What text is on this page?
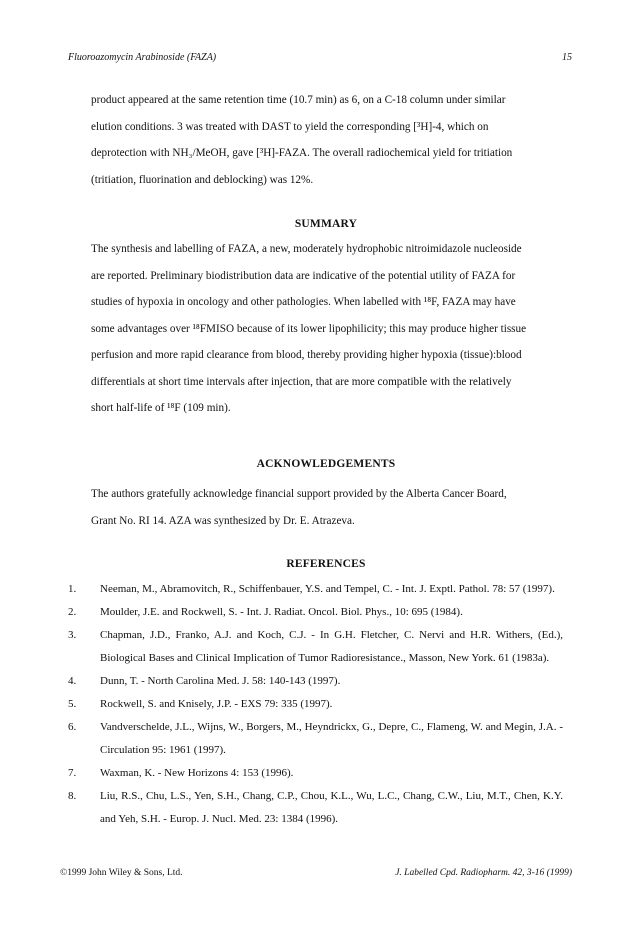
Fluoroazomycin Arabinoside (FAZA)	15

product appeared at the same retention time (10.7 min) as 6, on a C-18 column under similar

elution conditions. 3 was treated with DAST to yield the corresponding [³H]-4, which on

deprotection with NH₃/MeOH, gave [³H]-FAZA. The overall radiochemical yield for tritiation

(tritiation, fluorination and deblocking) was 12%.

SUMMARY

The synthesis and labelling of FAZA, a new, moderately hydrophobic nitroimidazole nucleoside

are reported. Preliminary biodistribution data are indicative of the potential utility of FAZA for

studies of hypoxia in oncology and other pathologies. When labelled with ¹⁸F, FAZA may have

some advantages over ¹⁸FMISO because of its lower lipophilicity; this may produce higher tissue

perfusion and more rapid clearance from blood, thereby providing higher hypoxia (tissue):blood

differentials at short time intervals after injection, that are more compatible with the relatively

short half-life of ¹⁸F (109 min).

ACKNOWLEDGEMENTS

The authors gratefully acknowledge financial support provided by the Alberta Cancer Board,

Grant No. RI 14. AZA was synthesized by Dr. E. Atrazeva.

REFERENCES
1.	Neeman, M., Abramovitch, R., Schiffenbauer, Y.S. and Tempel, C. - Int. J. Exptl. Pathol. 78: 57 (1997).
2.	Moulder, J.E. and Rockwell, S. - Int. J. Radiat. Oncol. Biol. Phys., 10: 695 (1984).
3.	Chapman, J.D., Franko, A.J. and Koch, C.J. - In G.H. Fletcher, C. Nervi and H.R. Withers, (Ed.), Biological Bases and Clinical Implication of Tumor Radioresistance., Masson, New York. 61 (1983a).
4.	Dunn, T. - North Carolina Med. J. 58: 140-143 (1997).
5.	Rockwell, S. and Knisely, J.P. - EXS 79: 335 (1997).
6.	Vandverschelde, J.L., Wijns, W., Borgers, M., Heyndrickx, G., Depre, C., Flameng, W. and Megin, J.A. - Circulation 95: 1961 (1997).
7.	Waxman, K. - New Horizons 4: 153 (1996).
8.	Liu, R.S., Chu, L.S., Yen, S.H., Chang, C.P., Chou, K.L., Wu, L.C., Chang, C.W., Liu, M.T., Chen, K.Y. and Yeh, S.H. - Europ. J. Nucl. Med. 23: 1384 (1996).
©1999 John Wiley & Sons, Ltd.	J. Labelled Cpd. Radiopharm. 42, 3-16 (1999)
